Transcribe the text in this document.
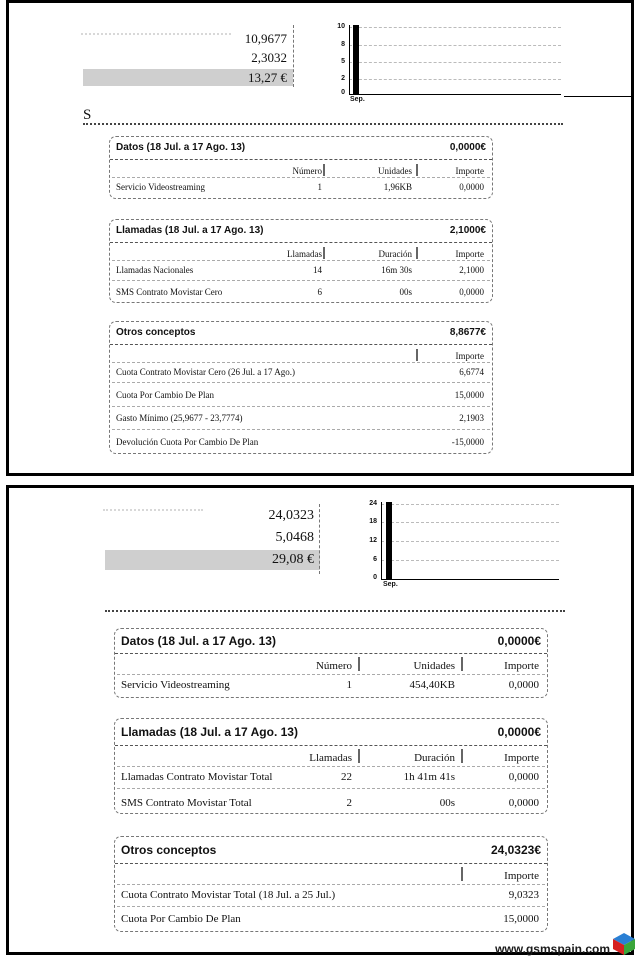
10,9677
2,3032
13,27 €
10
8
5
2
0
Sep.
S
Datos (18 Jul. a 17 Ago. 13)	0,0000€
Número	Unidades	Importe
Servicio Videostreaming	1	1,96KB	0,0000
Llamadas (18 Jul. a 17 Ago. 13)	2,1000€
Llamadas	Duración	Importe
Llamadas Nacionales	14	16m 30s	2,1000
SMS Contrato Movistar Cero	6	00s	0,0000
Otros conceptos	8,8677€
Importe
Cuota Contrato Movistar Cero (26 Jul. a 17 Ago.)	6,6774
Cuota Por Cambio De Plan	15,0000
Gasto Mínimo (25,9677 - 23,7774)	2,1903
Devolución Cuota Por Cambio De Plan	-15,0000
24,0323
5,0468
29,08 €
24
18
12
6
0
Sep.
Datos (18 Jul. a 17 Ago. 13)	0,0000€
Número	Unidades	Importe
Servicio Videostreaming	1	454,40KB	0,0000
Llamadas (18 Jul. a 17 Ago. 13)	0,0000€
Llamadas	Duración	Importe
Llamadas Contrato Movistar Total	22	1h 41m 41s	0,0000
SMS Contrato Movistar Total	2	00s	0,0000
Otros conceptos	24,0323€
Importe
Cuota Contrato Movistar Total (18 Jul. a 25 Jul.)	9,0323
Cuota Por Cambio De Plan	15,0000
www.gsmspain.com
